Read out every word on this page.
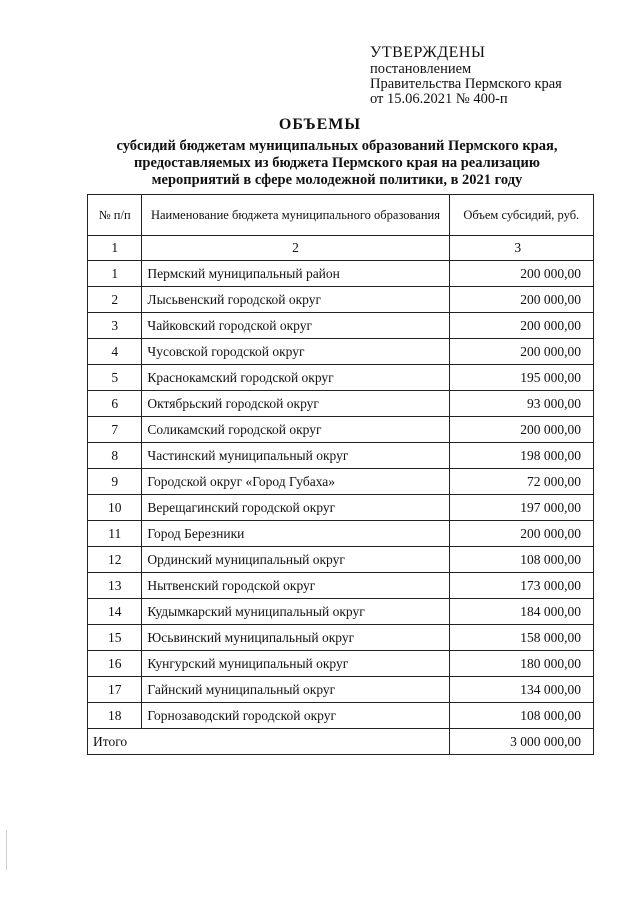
УТВЕРЖДЕНЫ
постановлением
Правительства Пермского края
от 15.06.2021 № 400-п
ОБЪЕМЫ
субсидий бюджетам муниципальных образований Пермского края,
предоставляемых из бюджета Пермского края на реализацию
мероприятий в сфере молодежной политики, в 2021 году
№ п/п	Наименование бюджета муниципального образования	Объем субсидий, руб.
1	2	3
1	Пермский муниципальный район	200 000,00
2	Лысьвенский городской округ	200 000,00
3	Чайковский городской округ	200 000,00
4	Чусовской городской округ	200 000,00
5	Краснокамский городской округ	195 000,00
6	Октябрьский городской округ	93 000,00
7	Соликамский городской округ	200 000,00
8	Частинский муниципальный округ	198 000,00
9	Городской округ «Город Губаха»	72 000,00
10	Верещагинский городской округ	197 000,00
11	Город Березники	200 000,00
12	Ординский муниципальный округ	108 000,00
13	Нытвенский городской округ	173 000,00
14	Кудымкарский муниципальный округ	184 000,00
15	Юсьвинский муниципальный округ	158 000,00
16	Кунгурский муниципальный округ	180 000,00
17	Гайнский муниципальный округ	134 000,00
18	Горнозаводский городской округ	108 000,00
Итого		3 000 000,00
